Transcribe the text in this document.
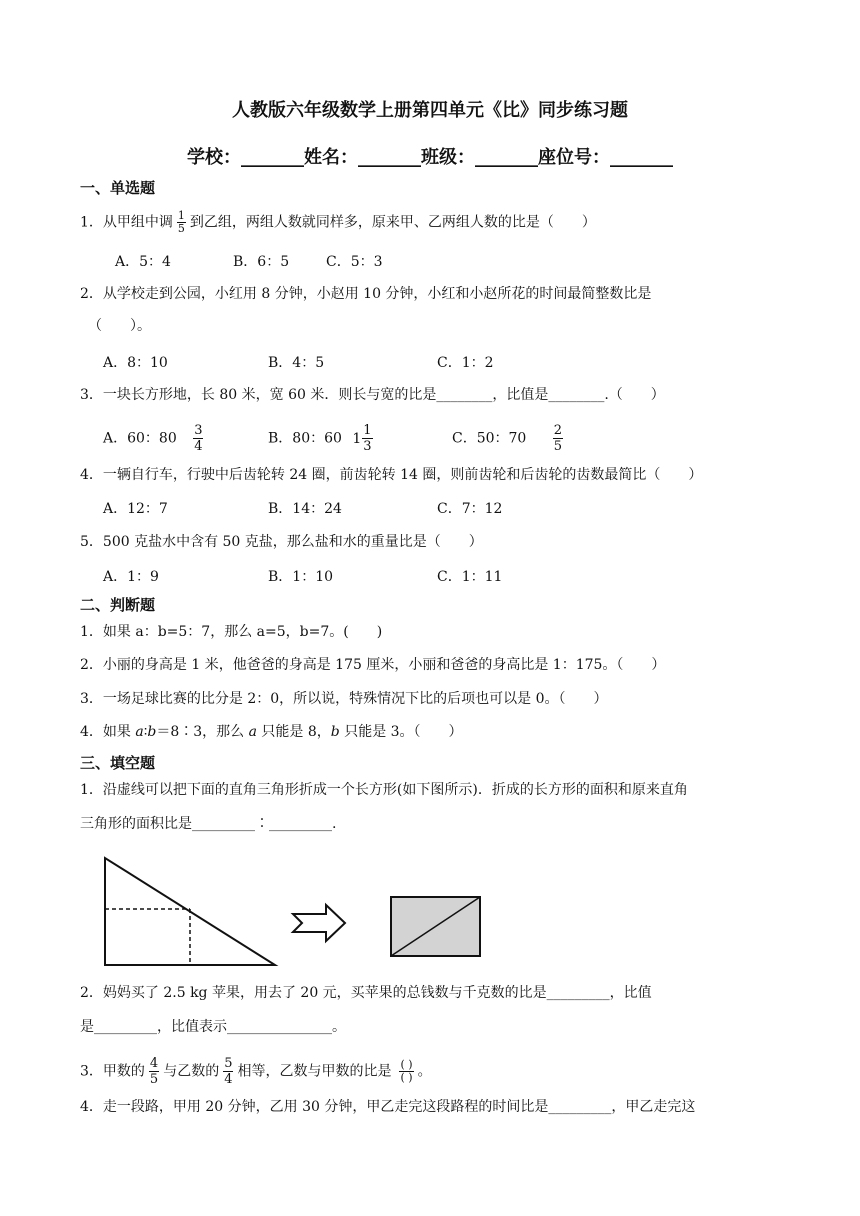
人教版六年级数学上册第四单元《比》同步练习题
学校：_______姓名：_______班级：_______座位号：_______
一、单选题
1．从甲组中调 $\frac{1}{5}$ 到乙组，两组人数就同样多，原来甲、乙两组人数的比是（　　）
A．5：4	B．6：5	C．5：3
2．从学校走到公园，小红用 8 分钟，小赵用 10 分钟，小红和小赵所花的时间最简整数比是
（　　）。
A．8：10	B．4：5	C．1：2
3．一块长方形地，长 80 米，宽 60 米．则长与宽的比是________，比值是________.（　　）
A．60：$80 \frac{3}{4}$	B．80：60 $1 \frac{1}{3}$	C．50：$70 \frac{2}{5}$
4．一辆自行车，行驶中后齿轮转 24 圈，前齿轮转 14 圈，则前齿轮和后齿轮的齿数最简比（　　）
A．12：7	B．14：24	C．7：12
5．500 克盐水中含有 50 克盐，那么盐和水的重量比是（　　）
A．1：9	B．1：10	C．1：11
二、判断题
1．如果 a：b=5：7，那么 a=5，b=7。(　　)
2．小丽的身高是 1 米，他爸爸的身高是 175 厘米，小丽和爸爸的身高比是 1：175。（　　）
3．一场足球比赛的比分是 2：0，所以说，特殊情况下比的后项也可以是 0。（　　）
4．如果 a∶b＝8∶3，那么 a 只能是 8，b 只能是 3。（　　）
三、填空题
1．沿虚线可以把下面的直角三角形折成一个长方形(如下图所示)．折成的长方形的面积和原来直角
三角形的面积比是_________∶_________.
2．妈妈买了 2.5 kg 苹果，用去了 20 元，买苹果的总钱数与千克数的比是_________，比值
是_________，比值表示_______________。
3．甲数的 $\frac{4}{5}$ 与乙数的 $\frac{5}{4}$ 相等，乙数与甲数的比是 $\frac{( )}{( )}$ 。
4．走一段路，甲用 20 分钟，乙用 30 分钟，甲乙走完这段路程的时间比是_________，甲乙走完这
